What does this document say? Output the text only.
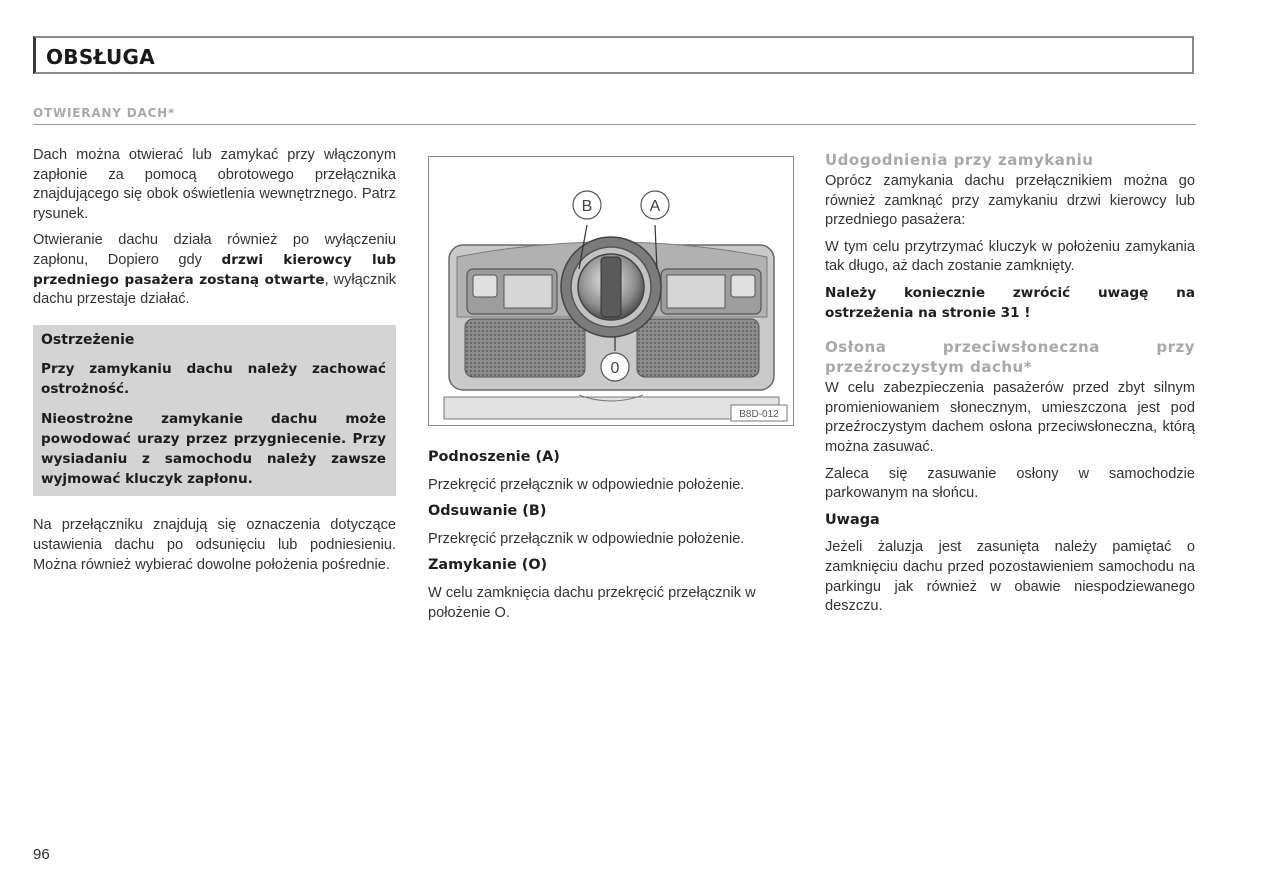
OBSŁUGA
OTWIERANY DACH*

Dach można otwierać lub zamykać przy włączonym zapłonie za pomocą obrotowego przełącznika znajdującego się obok oświetlenia wewnętrznego. Patrz rysunek.

Otwieranie dachu działa również po wyłączeniu zapłonu, Dopiero gdy drzwi kierowcy lub przedniego pasażera zostaną otwarte, wyłącznik dachu przestaje działać.

Ostrzeżenie

Przy zamykaniu dachu należy zachować ostrożność.

Nieostrożne zamykanie dachu może powodować urazy przez przygniecenie. Przy wysiadaniu z samochodu należy zawsze wyjmować kluczyk zapłonu.

Na przełączniku znajdują się oznaczenia dotyczące ustawienia dachu po odsunięciu lub podniesieniu. Można również wybierać dowolne położenia pośrednie.

B	A
0
B8D-012
Podnoszenie (A)

Przekręcić przełącznik w odpowiednie położenie.

Odsuwanie (B)

Przekręcić przełącznik w odpowiednie położenie.

Zamykanie (O)

W celu zamknięcia dachu przekręcić przełącznik w położenie O.

Udogodnienia przy zamykaniu

Oprócz zamykania dachu przełącznikiem można go również zamknąć przy zamykaniu drzwi kierowcy lub przedniego pasażera:

W tym celu przytrzymać kluczyk w położeniu zamykania tak długo, aż dach zostanie zamknięty.

Należy koniecznie zwrócić uwagę na ostrzeżenia na stronie 31 !

Osłona przeciwsłoneczna przy przeźroczystym dachu*

W celu zabezpieczenia pasażerów przed zbyt silnym promieniowaniem słonecznym, umieszczona jest pod przeźroczystym dachem osłona przeciwsłoneczna, którą można zasuwać.

Zaleca się zasuwanie osłony w samochodzie parkowanym na słońcu.

Uwaga

Jeżeli żaluzja jest zasunięta należy pamiętać o zamknięciu dachu przed pozostawieniem samochodu na parkingu jak również w obawie niespodziewanego deszczu.

96
